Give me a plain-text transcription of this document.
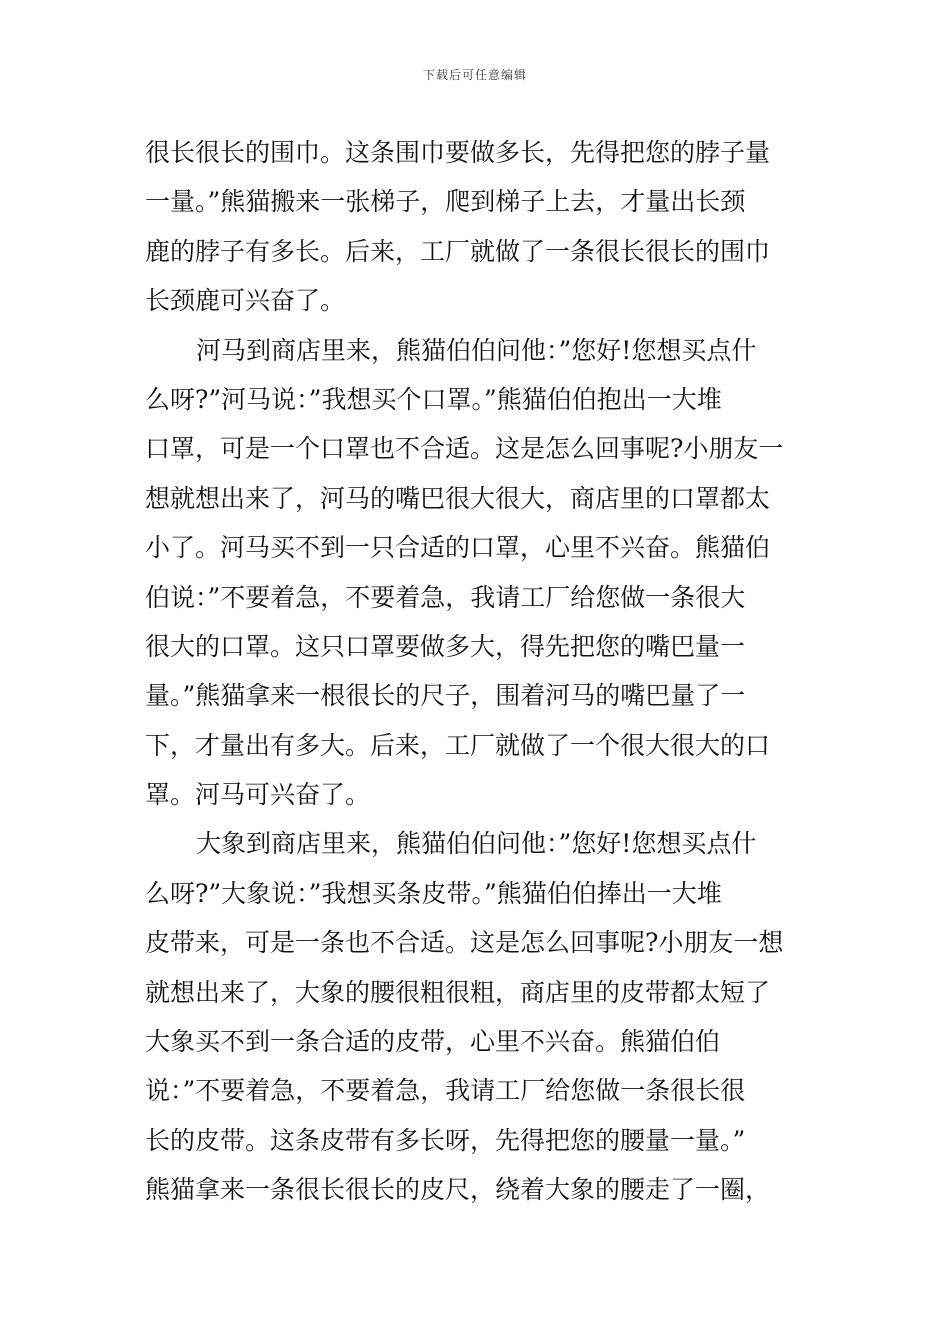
下载后可任意编辑
很长很长的围巾。这条围巾要做多长，先得把您的脖子量
一量。”熊猫搬来一张梯子，爬到梯子上去，才量出长颈
鹿的脖子有多长。后来，工厂就做了一条很长很长的围巾
长颈鹿可兴奋了。
河马到商店里来，熊猫伯伯问他：”您好!您想买点什
么呀?”河马说：”我想买个口罩。”熊猫伯伯抱出一大堆
口罩，可是一个口罩也不合适。这是怎么回事呢?小朋友一
想就想出来了，河马的嘴巴很大很大，商店里的口罩都太
小了。河马买不到一只合适的口罩，心里不兴奋。熊猫伯
伯说：”不要着急，不要着急，我请工厂给您做一条很大
很大的口罩。这只口罩要做多大，得先把您的嘴巴量一
量。”熊猫拿来一根很长的尺子，围着河马的嘴巴量了一
下，才量出有多大。后来，工厂就做了一个很大很大的口
罩。河马可兴奋了。
大象到商店里来，熊猫伯伯问他：”您好!您想买点什
么呀?”大象说：”我想买条皮带。”熊猫伯伯捧出一大堆
皮带来，可是一条也不合适。这是怎么回事呢?小朋友一想
就想出来了，大象的腰很粗很粗，商店里的皮带都太短了
大象买不到一条合适的皮带，心里不兴奋。熊猫伯伯
说：”不要着急，不要着急，我请工厂给您做一条很长很
长的皮带。这条皮带有多长呀，先得把您的腰量一量。”
熊猫拿来一条很长很长的皮尺，绕着大象的腰走了一圈，
